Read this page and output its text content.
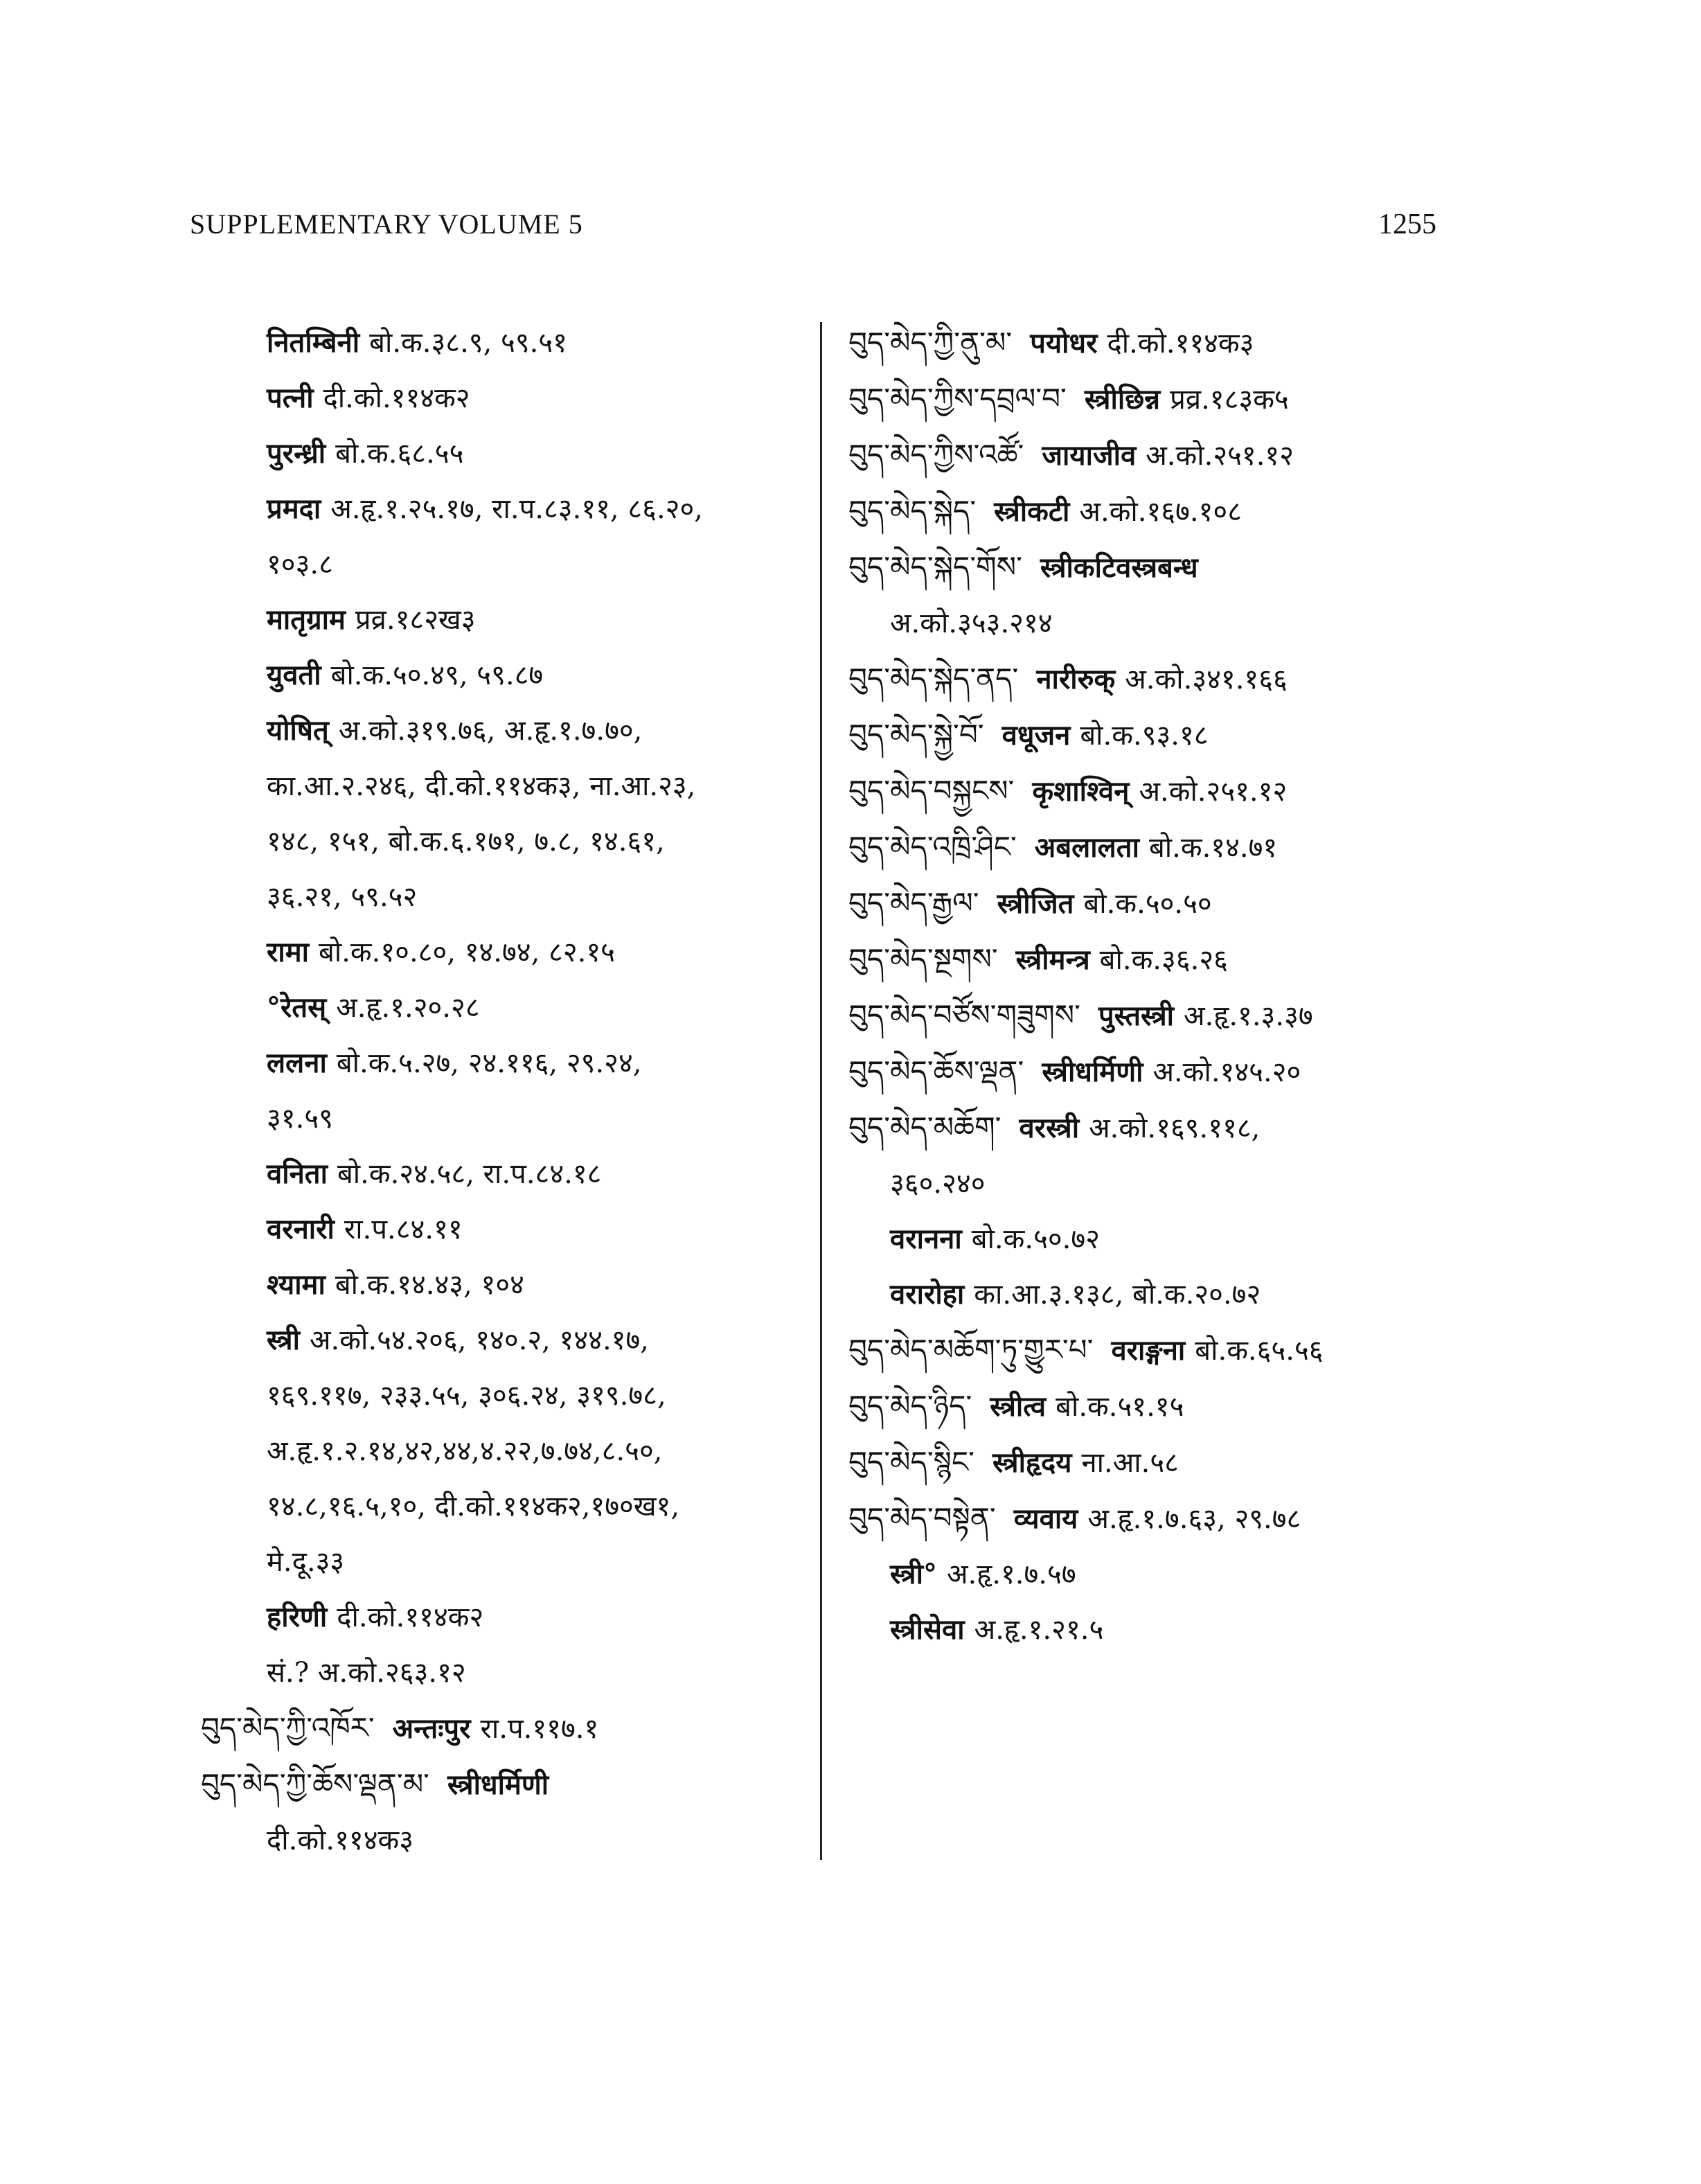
SUPPLEMENTARY VOLUME 5	1255
नितम्बिनी बो.क.३८.९, ५९.५१
पत्नी दी.को.११४क२
पुरन्ध्री बो.क.६८.५५
प्रमदा अ.हृ.१.२५.१७, रा.प.८३.११, ८६.२०,
१०३.८
मातृग्राम प्रव्र.१८२ख३
युवती बो.क.५०.४९, ५९.८७
योषित् अ.को.३१९.७६, अ.हृ.१.७.७०,
का.आ.२.२४६, दी.को.११४क३, ना.आ.२३,
१४८, १५१, बो.क.६.१७१, ७.८, १४.६१,
३६.२१, ५९.५२
रामा बो.क.१०.८०, १४.७४, ८२.१५
°रेतस् अ.हृ.१.२०.२८
ललना बो.क.५.२७, २४.११६, २९.२४,
३१.५९
वनिता बो.क.२४.५८, रा.प.८४.१८
वरनारी रा.प.८४.११
श्यामा बो.क.१४.४३, १०४
स्त्री अ.को.५४.२०६, १४०.२, १४४.१७,
१६९.११७, २३३.५५, ३०६.२४, ३१९.७८,
अ.हृ.१.२.१४,४२,४४,४.२२,७.७४,८.५०,
१४.८,१६.५,१०, दी.को.११४क२,१७०ख१,
मे.दू.३३
हरिणी दी.को.११४क२
सं.? अ.को.२६३.१२
བུད་མེད་ཀྱི་འཁོར་ अन्तःपुर रा.प.११७.१
བུད་མེད་ཀྱི་ཆོས་ལྡན་མ་ स्त्रीधर्मिणी
दी.को.११४क३
བུད་མེད་ཀྱི་ནུ་མ་ पयोधर दी.को.११४क३
བུད་མེད་ཀྱིས་དབྲལ་བ་ स्त्रीछिन्न प्रव्र.१८३क५
བུད་མེད་ཀྱིས་འཚོ་ जायाजीव अ.को.२५१.१२
བུད་མེད་སྐེད་ स्त्रीकटी अ.को.१६७.१०८
བུད་མེད་སྐེད་གོས་ स्त्रीकटिवस्त्रबन्ध
अ.को.३५३.२१४
བུད་མེད་སྐེད་ནད་ नारीरुक् अ.को.३४१.१६६
བུད་མེད་སྐྱེ་བོ་ वधूजन बो.क.९३.१८
བུད་མེད་བསྐྱངས་ कृशाश्विन् अ.को.२५१.१२
བུད་མེད་འཁྲི་ཤིང་ अबलालता बो.क.१४.७१
བུད་མེད་རྒྱལ་ स्त्रीजित बो.क.५०.५०
བུད་མེད་སྔགས་ स्त्रीमन्त्र बो.क.३६.२६
བུད་མེད་བཙོས་གཟུགས་ पुस्तस्त्री अ.हृ.१.३.३७
བུད་མེད་ཆོས་ལྡན་ स्त्रीधर्मिणी अ.को.१४५.२०
བུད་མེད་མཆོག་ वरस्त्री अ.को.१६९.११८,
३६०.२४०
वरानना बो.क.५०.७२
वरारोहा का.आ.३.१३८, बो.क.२०.७२
བུད་མེད་མཆོག་ཏུ་གྱུར་པ་ वराङ्गना बो.क.६५.५६
བུད་མེད་ཉིད་ स्त्रीत्व बो.क.५१.१५
བུད་མེད་སྙིང་ स्त्रीहृदय ना.आ.५८
བུད་མེད་བསྟེན་ व्यवाय अ.हृ.१.७.६३, २९.७८
स्त्री° अ.हृ.१.७.५७
स्त्रीसेवा अ.हृ.१.२१.५
